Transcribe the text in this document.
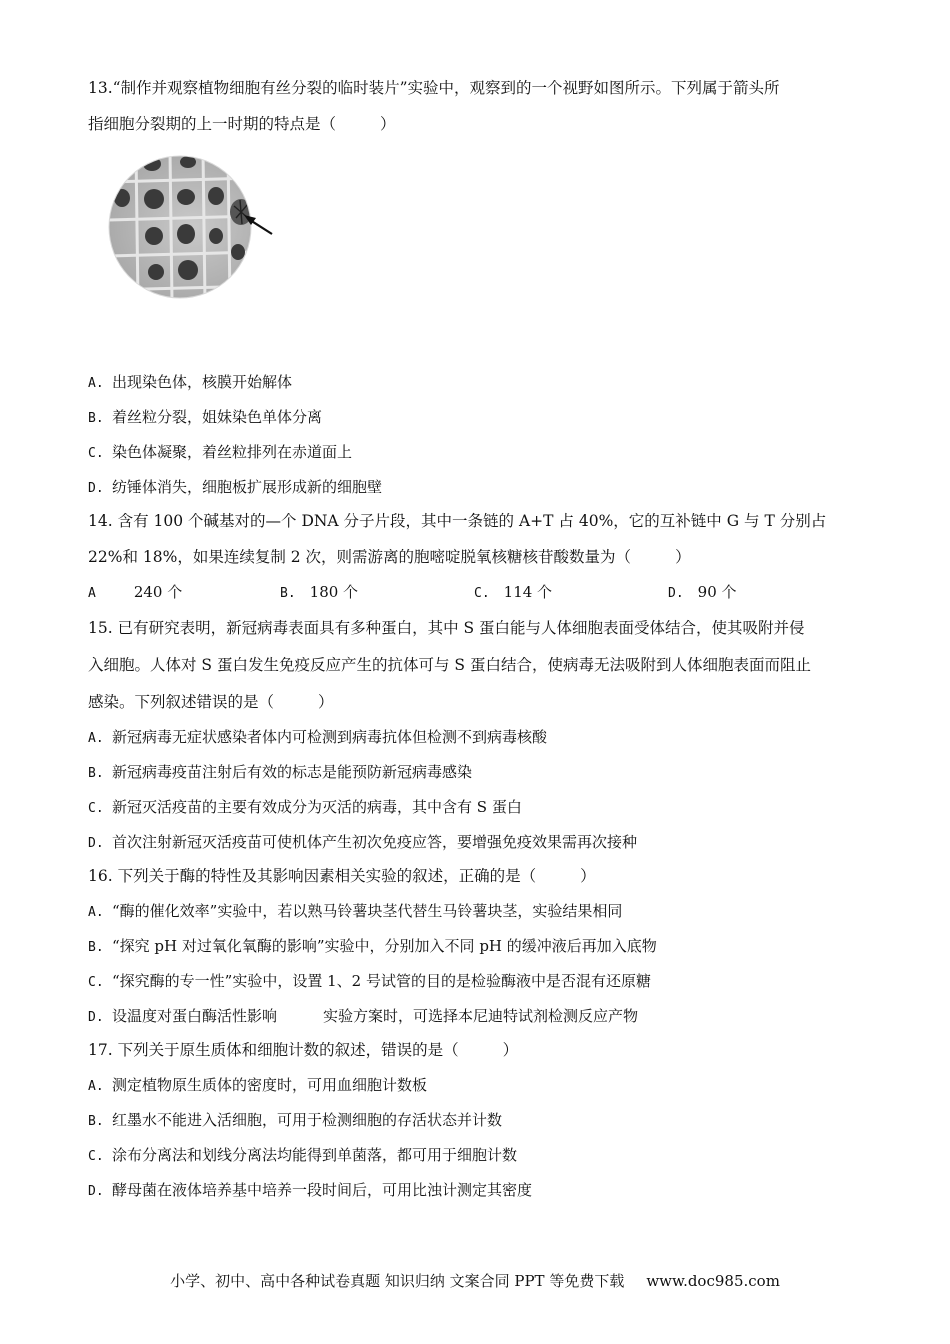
13.“制作并观察植物细胞有丝分裂的临时装片”实验中，观察到的一个视野如图所示。下列属于箭头所
指细胞分裂期的上一时期的特点是（	）
A. 出现染色体，核膜开始解体
B. 着丝粒分裂，姐妹染色单体分离
C. 染色体凝聚，着丝粒排列在赤道面上
D. 纺锤体消失，细胞板扩展形成新的细胞壁
14. 含有 100 个碱基对的—个 DNA 分子片段，其中一条链的 A+T 占 40%，它的互补链中 G 与 T 分别占
22%和 18%，如果连续复制 2 次，则需游离的胞嘧啶脱氧核糖核苷酸数量为（	）
A	240 个	B. 180 个	C. 114 个	D. 90 个
15. 已有研究表明，新冠病毒表面具有多种蛋白，其中 S 蛋白能与人体细胞表面受体结合，使其吸附并侵
入细胞。人体对 S 蛋白发生免疫反应产生的抗体可与 S 蛋白结合，使病毒无法吸附到人体细胞表面而阻止
感染。下列叙述错误的是（	）
A. 新冠病毒无症状感染者体内可检测到病毒抗体但检测不到病毒核酸
B. 新冠病毒疫苗注射后有效的标志是能预防新冠病毒感染
C. 新冠灭活疫苗的主要有效成分为灭活的病毒，其中含有 S 蛋白
D. 首次注射新冠灭活疫苗可使机体产生初次免疫应答，要增强免疫效果需再次接种
16. 下列关于酶的特性及其影响因素相关实验的叙述，正确的是（	）
A. “酶的催化效率”实验中，若以熟马铃薯块茎代替生马铃薯块茎，实验结果相同
B. “探究 pH 对过氧化氧酶的影响”实验中，分别加入不同 pH 的缓冲液后再加入底物
C. “探究酶的专一性”实验中，设置 1、2 号试管的目的是检验酶液中是否混有还原糖
D. 设温度对蛋白酶活性影响	实验方案时，可选择本尼迪特试剂检测反应产物
17. 下列关于原生质体和细胞计数的叙述，错误的是（	）
A. 测定植物原生质体的密度时，可用血细胞计数板
B. 红墨水不能进入活细胞，可用于检测细胞的存活状态并计数
C. 涂布分离法和划线分离法均能得到单菌落，都可用于细胞计数
D. 酵母菌在液体培养基中培养一段时间后，可用比浊计测定其密度
小学、初中、高中各种试卷真题 知识归纳 文案合同 PPT 等免费下载 www.doc985.com
